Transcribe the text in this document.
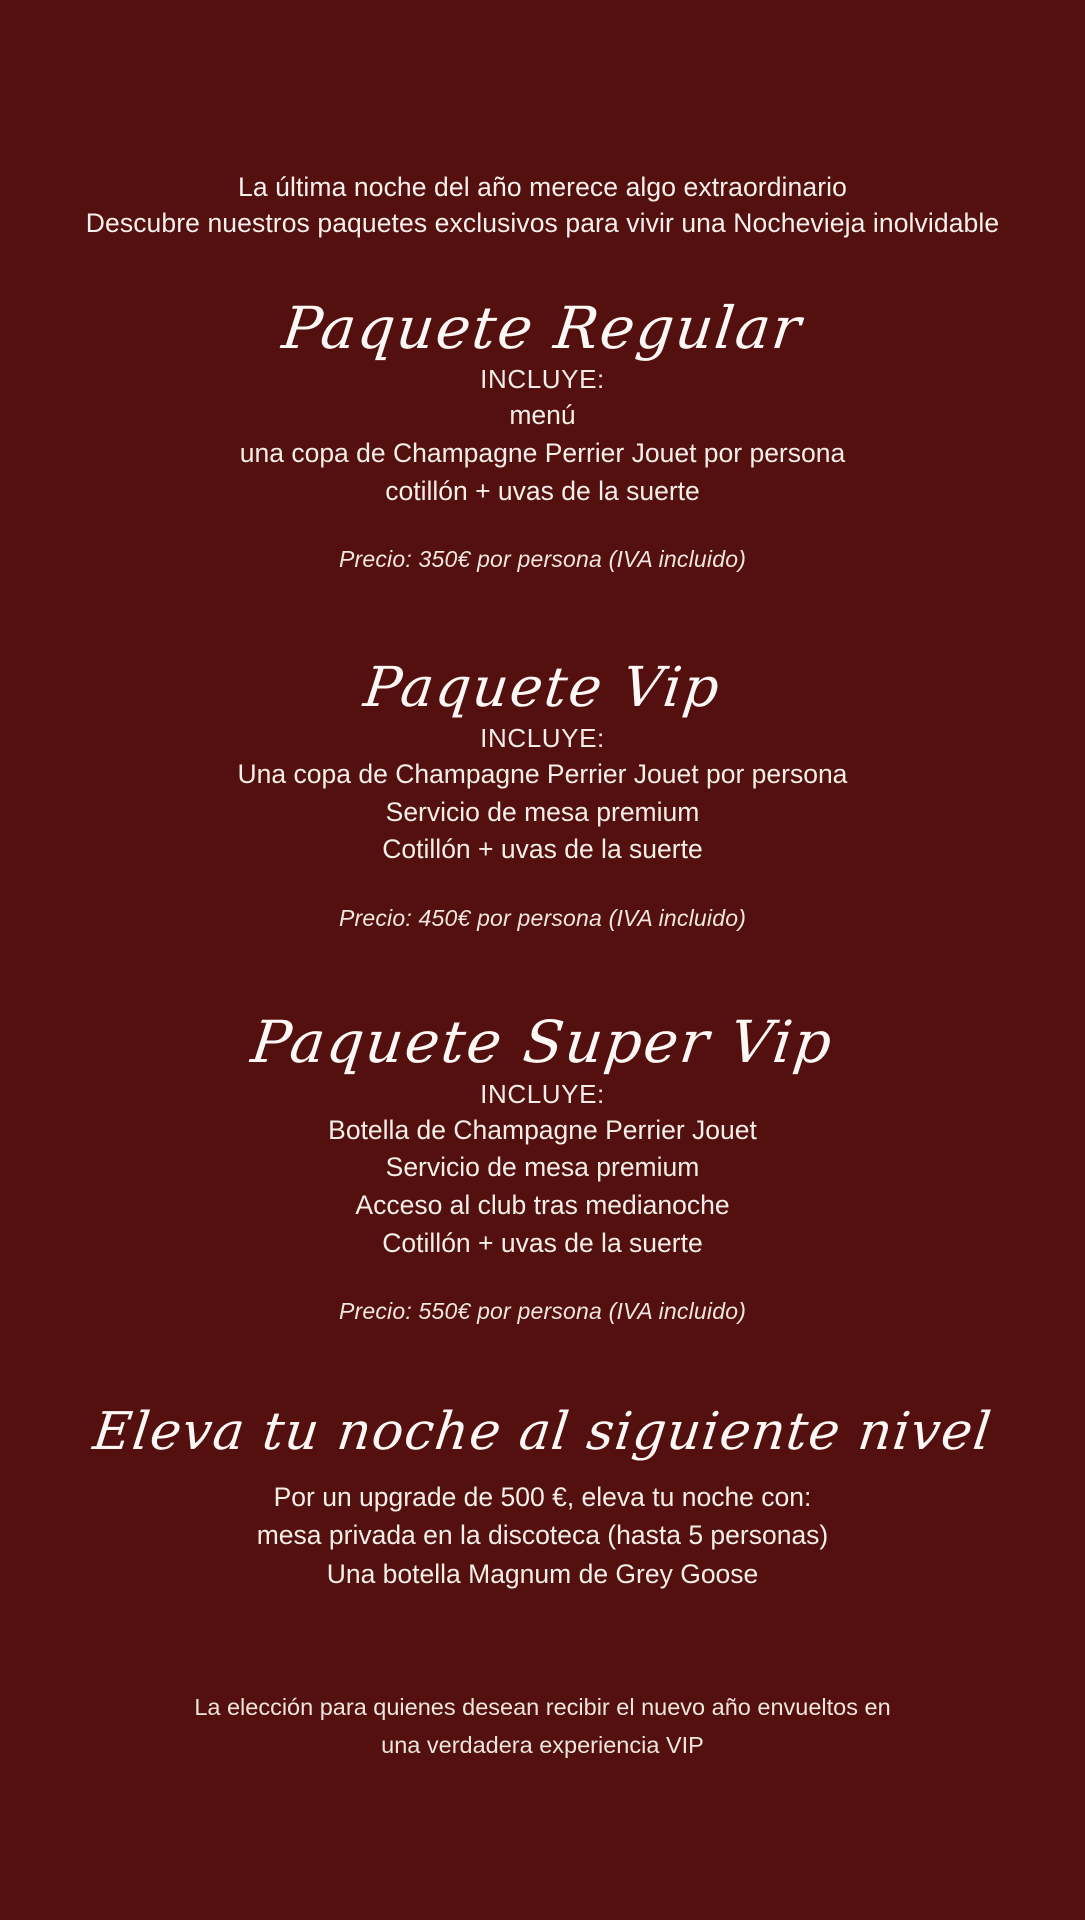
La última noche del año merece algo extraordinario
Descubre nuestros paquetes exclusivos para vivir una Nochevieja inolvidable
Paquete Regular
INCLUYE:
menú
una copa de Champagne Perrier Jouet por persona
cotillón + uvas de la suerte
Precio: 350€ por persona (IVA incluido)
Paquete Vip
INCLUYE:
Una copa de Champagne Perrier Jouet por persona
Servicio de mesa premium
Cotillón + uvas de la suerte
Precio: 450€ por persona (IVA incluido)
Paquete Super Vip
INCLUYE:
Botella de Champagne Perrier Jouet
Servicio de mesa premium
Acceso al club tras medianoche
Cotillón + uvas de la suerte
Precio: 550€ por persona (IVA incluido)
Eleva tu noche al siguiente nivel
Por un upgrade de 500 €, eleva tu noche con:
mesa privada en la discoteca (hasta 5 personas)
Una botella Magnum de Grey Goose
La elección para quienes desean recibir el nuevo año envueltos en
una verdadera experiencia VIP
